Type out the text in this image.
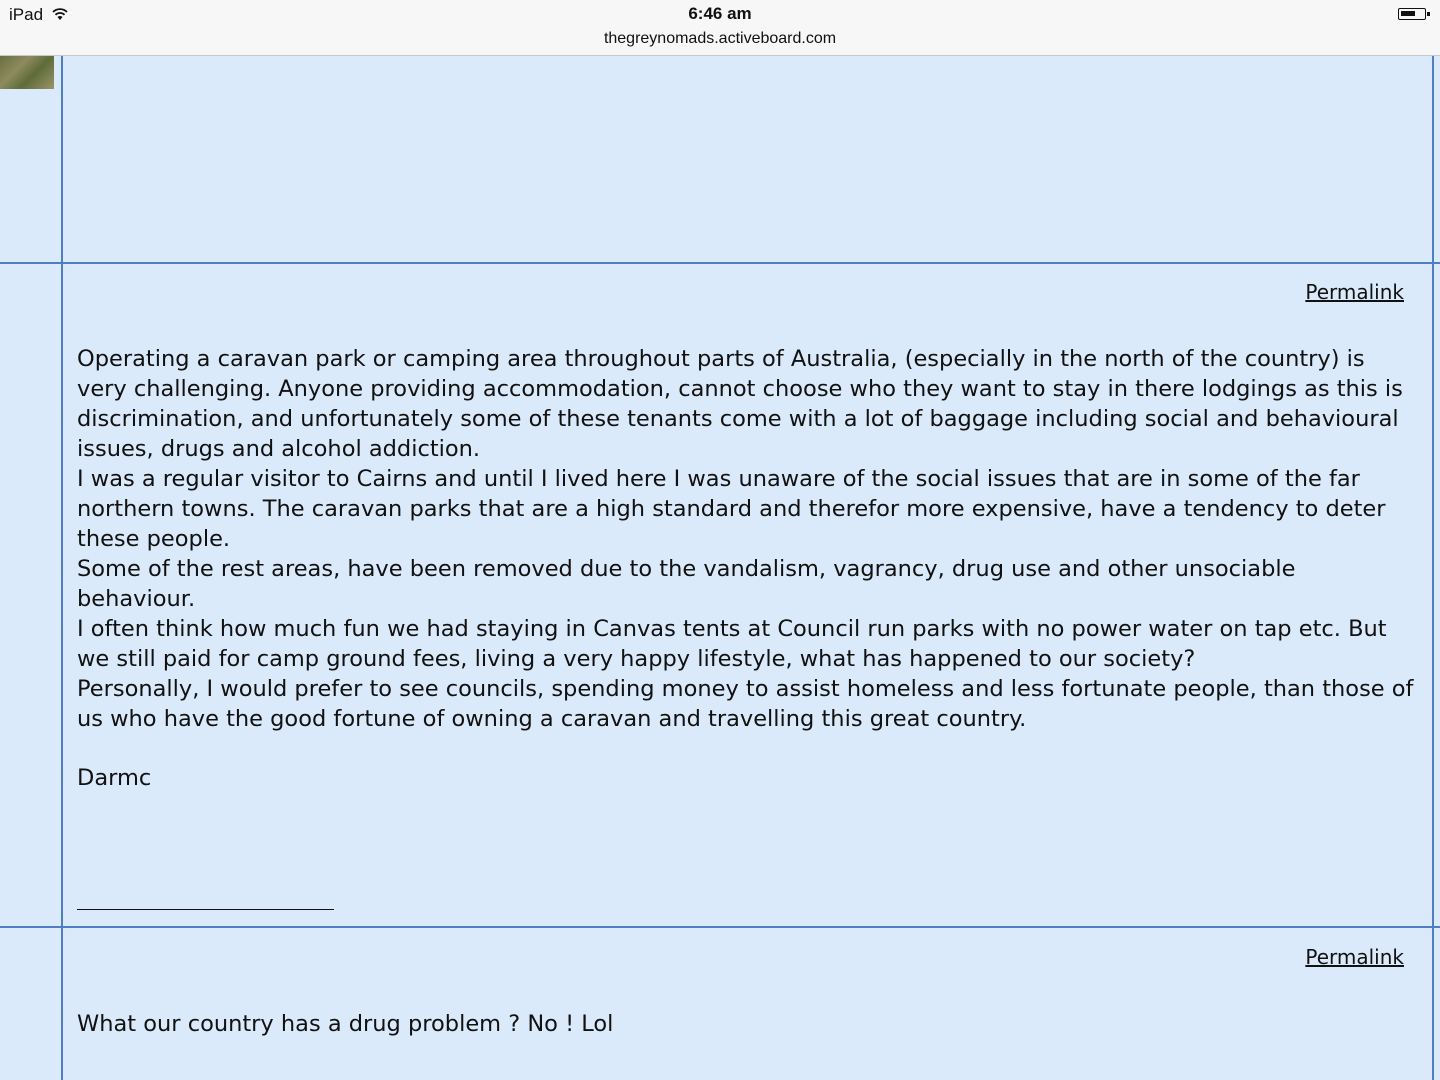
iPad	6:46 am
thegreynomads.activeboard.com
Permalink

Operating a caravan park or camping area throughout parts of Australia, (especially in the north of the country) is very challenging. Anyone providing accommodation, cannot choose who they want to stay in there lodgings as this is discrimination, and unfortunately some of these tenants come with a lot of baggage including social and behavioural issues, drugs and alcohol addiction.

I was a regular visitor to Cairns and until I lived here I was unaware of the social issues that are in some of the far northern towns. The caravan parks that are a high standard and therefor more expensive, have a tendency to deter these people.

Some of the rest areas, have been removed due to the vandalism, vagrancy, drug use and other unsociable behaviour.

I often think how much fun we had staying in Canvas tents at Council run parks with no power water on tap etc. But we still paid for camp ground fees, living a very happy lifestyle, what has happened to our society?

Personally, I would prefer to see councils, spending money to assist homeless and less fortunate people, than those of us who have the good fortune of owning a caravan and travelling this great country.

Darmc
Permalink

What our country has a drug problem ? No ! Lol
